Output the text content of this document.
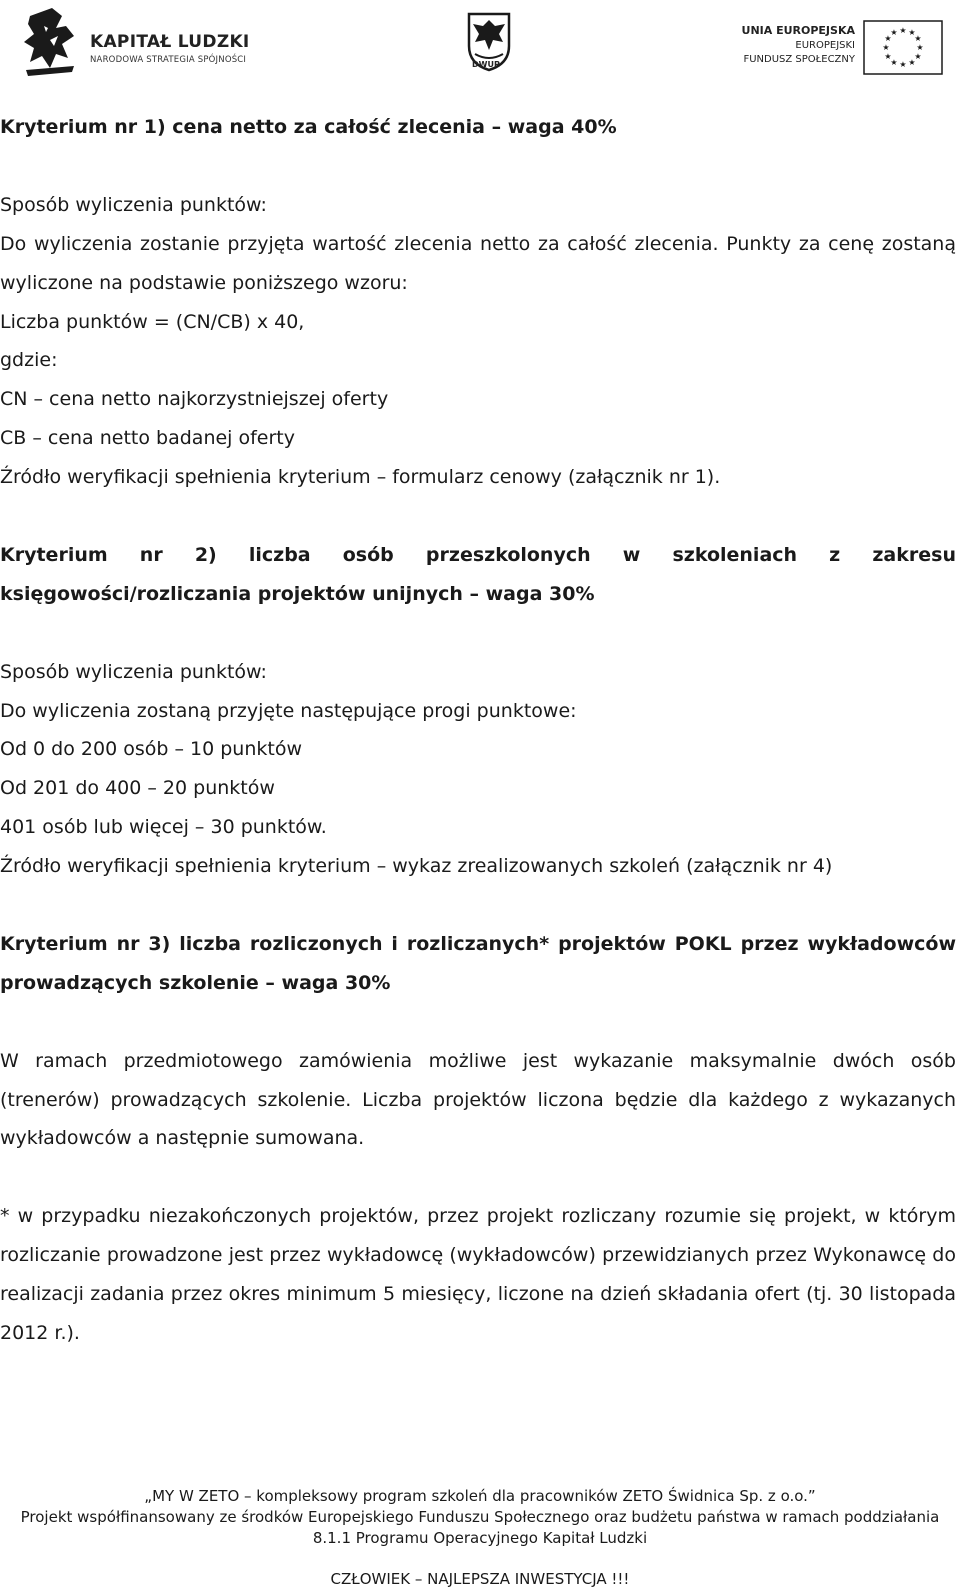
KAPITAŁ LUDZKI
NARODOWA STRATEGIA SPÓJNOŚCI	DWUP
UNIA EUROPEJSKA
EUROPEJSKI
FUNDUSZ SPOŁECZNY
★ ★
★
★
★
★
★
★
★
★
★
★

Kryterium nr 1) cena netto za całość zlecenia – waga 40%

Sposób wyliczenia punktów:

Do wyliczenia zostanie przyjęta wartość zlecenia netto za całość zlecenia. Punkty za cenę zostaną wyliczone na podstawie poniższego wzoru:

Liczba punktów = (CN/CB) x 40,

gdzie:

CN – cena netto najkorzystniejszej oferty

CB – cena netto badanej oferty

Źródło weryfikacji spełnienia kryterium – formularz cenowy (załącznik nr 1).

Kryterium nr 2) liczba osób przeszkolonych w szkoleniach z zakresu księgowości/rozliczania projektów unijnych – waga 30%

Sposób wyliczenia punktów:

Do wyliczenia zostaną przyjęte następujące progi punktowe:

Od 0 do 200 osób – 10 punktów

Od 201 do 400 – 20 punktów

401 osób lub więcej – 30 punktów.

Źródło weryfikacji spełnienia kryterium – wykaz zrealizowanych szkoleń (załącznik nr 4)

Kryterium nr 3) liczba rozliczonych i rozliczanych* projektów POKL przez wykładowców prowadzących szkolenie – waga 30%

W ramach przedmiotowego zamówienia możliwe jest wykazanie maksymalnie dwóch osób (trenerów) prowadzących szkolenie. Liczba projektów liczona będzie dla każdego z wykazanych wykładowców a następnie sumowana.

* w przypadku niezakończonych projektów, przez projekt rozliczany rozumie się projekt, w którym rozliczanie prowadzone jest przez wykładowcę (wykładowców) przewidzianych przez Wykonawcę do realizacji zadania przez okres minimum 5 miesięcy, liczone na dzień składania ofert (tj. 30 listopada 2012 r.).

„MY W ZETO – kompleksowy program szkoleń dla pracowników ZETO Świdnica Sp. z o.o.”

Projekt współfinansowany ze środków Europejskiego Funduszu Społecznego oraz budżetu państwa w ramach poddziałania

8.1.1 Programu Operacyjnego Kapitał Ludzki

CZŁOWIEK – NAJLEPSZA INWESTYCJA !!!
